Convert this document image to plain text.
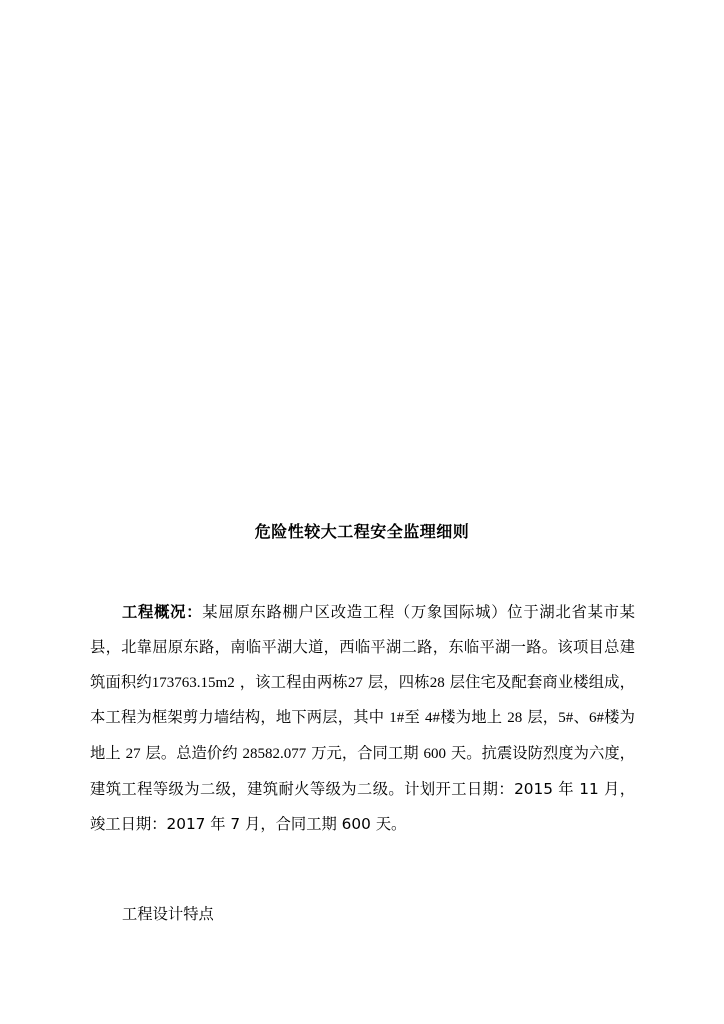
危险性较大工程安全监理细则

工程概况：某屈原东路棚户区改造工程（万象国际城）位于湖北省某市某县，北靠屈原东路，南临平湖大道，西临平湖二路，东临平湖一路。该项目总建筑面积约173763.15m2 ，该工程由两栋27 层，四栋28 层住宅及配套商业楼组成，本工程为框架剪力墙结构，地下两层，其中 1#至 4#楼为地上 28 层，5#、6#楼为地上 27 层。总造价约 28582.077 万元，合同工期 600 天。抗震设防烈度为六度，建筑工程等级为二级，建筑耐火等级为二级。计划开工日期：2015 年 11 月，竣工日期：2017 年 7 月，合同工期 600 天。

工程设计特点
